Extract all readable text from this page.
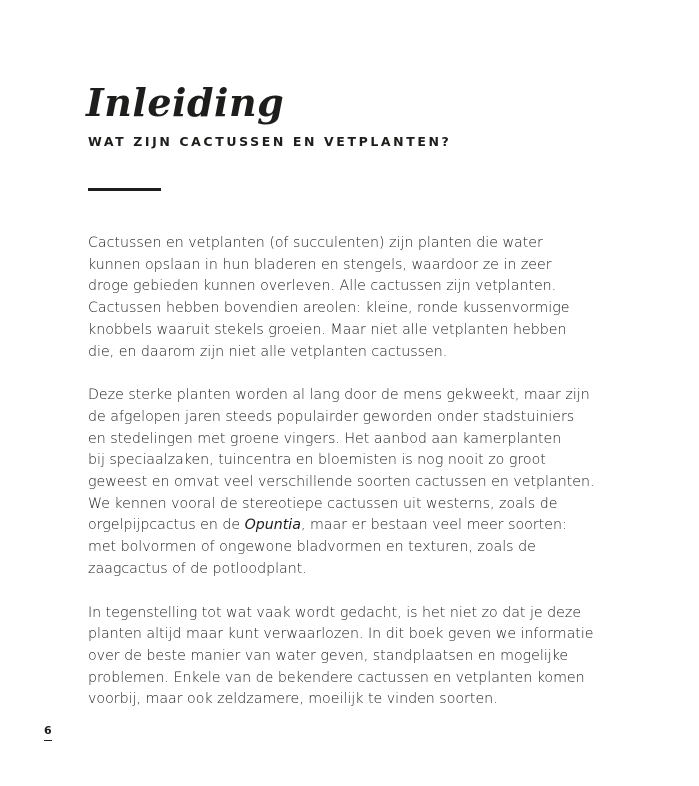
Inleiding
WAT ZIJN CACTUSSEN EN VETPLANTEN?

Cactussen en vetplanten (of succulenten) zijn planten die water
kunnen opslaan in hun bladeren en stengels, waardoor ze in zeer
droge gebieden kunnen overleven. Alle cactussen zijn vetplanten.
Cactussen hebben bovendien areolen: kleine, ronde kussenvormige
knobbels waaruit stekels groeien. Maar niet alle vetplanten hebben
die, en daarom zijn niet alle vetplanten cactussen.

Deze sterke planten worden al lang door de mens gekweekt, maar zijn
de afgelopen jaren steeds populairder geworden onder stadstuiniers
en stedelingen met groene vingers. Het aanbod aan kamerplanten
bij speciaalzaken, tuincentra en bloemisten is nog nooit zo groot
geweest en omvat veel verschillende soorten cactussen en vetplanten.
We kennen vooral de stereotiepe cactussen uit westerns, zoals de
orgelpijpcactus en de Opuntia, maar er bestaan veel meer soorten:
met bolvormen of ongewone bladvormen en texturen, zoals de
zaagcactus of de potloodplant.

In tegenstelling tot wat vaak wordt gedacht, is het niet zo dat je deze
planten altijd maar kunt verwaarlozen. In dit boek geven we informatie
over de beste manier van water geven, standplaatsen en mogelijke
problemen. Enkele van de bekendere cactussen en vetplanten komen
voorbij, maar ook zeldzamere, moeilijk te vinden soorten.

6
